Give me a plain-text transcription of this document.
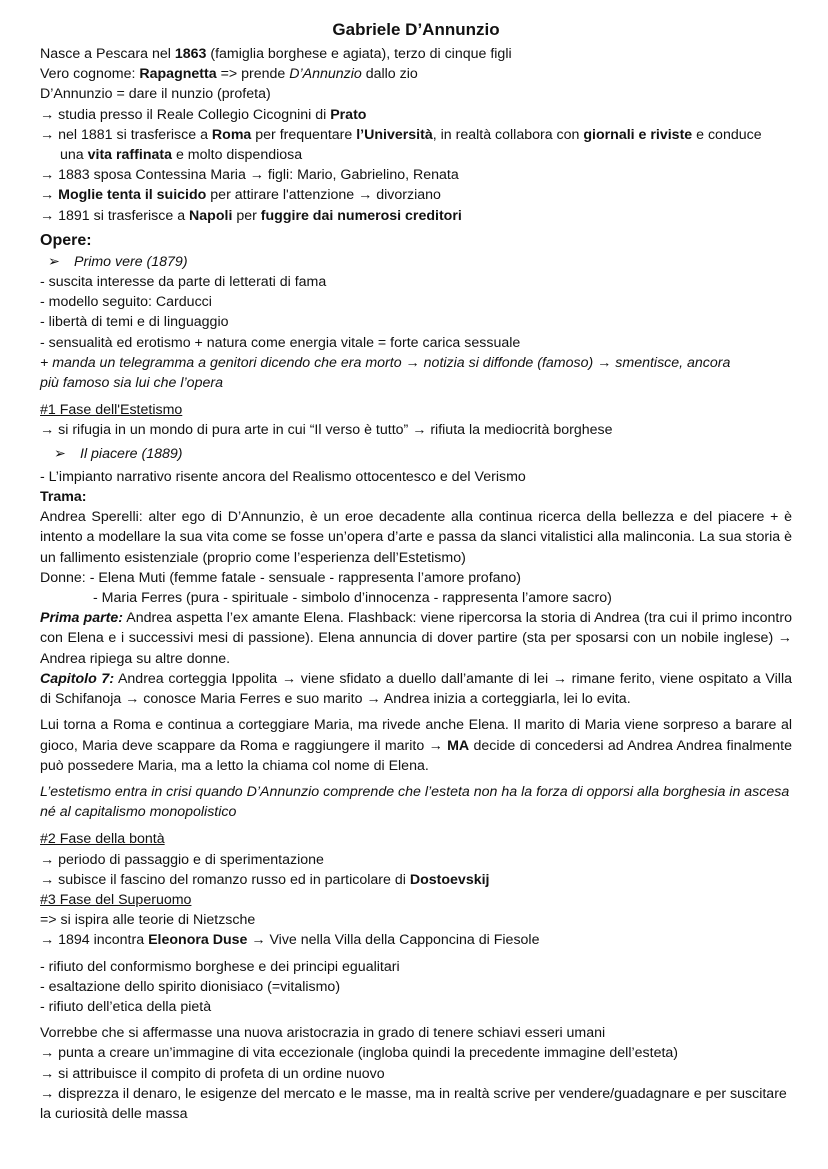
Gabriele D’Annunzio
Nasce a Pescara nel 1863 (famiglia borghese e agiata), terzo di cinque figli
Vero cognome: Rapagnetta => prende D’Annunzio dallo zio
D’Annunzio = dare il nunzio (profeta)
→ studia presso il Reale Collegio Cicognini di Prato
→ nel 1881 si trasferisce a Roma per frequentare l’Università, in realtà collabora con giornali e riviste e conduce
una vita raffinata e molto dispendiosa
→ 1883 sposa Contessina Maria → figli: Mario, Gabrielino, Renata
→ Moglie tenta il suicido per attirare l'attenzione → divorziano
→ 1891 si trasferisce a Napoli per fuggire dai numerosi creditori
Opere:
➢ Primo vere (1879)
- suscita interesse da parte di letterati di fama
- modello seguito: Carducci
- libertà di temi e di linguaggio
- sensualità ed erotismo + natura come energia vitale = forte carica sessuale
+ manda un telegramma a genitori dicendo che era morto → notizia si diffonde (famoso) → smentisce, ancora
più famoso sia lui che l’opera
#1 Fase dell'Estetismo
→ si rifugia in un mondo di pura arte in cui “Il verso è tutto” → rifiuta la mediocrità borghese
➢ Il piacere (1889)
- L’impianto narrativo risente ancora del Realismo ottocentesco e del Verismo
Trama:
Andrea Sperelli: alter ego di D’Annunzio, è un eroe decadente alla continua ricerca della bellezza e del piacere + è intento a modellare la sua vita come se fosse un’opera d’arte e passa da slanci vitalistici alla malinconia. La sua storia è un fallimento esistenziale (proprio come l’esperienza dell’Estetismo)
Donne: - Elena Muti (femme fatale - sensuale - rappresenta l’amore profano)
- Maria Ferres (pura - spirituale - simbolo d’innocenza - rappresenta l’amore sacro)
Prima parte: Andrea aspetta l’ex amante Elena. Flashback: viene ripercorsa la storia di Andrea (tra cui il primo incontro con Elena e i successivi mesi di passione). Elena annuncia di dover partire (sta per sposarsi con un nobile inglese) → Andrea ripiega su altre donne.
Capitolo 7: Andrea corteggia Ippolita → viene sfidato a duello dall’amante di lei → rimane ferito, viene ospitato a Villa di Schifanoja → conosce Maria Ferres e suo marito → Andrea inizia a corteggiarla, lei lo evita.
Lui torna a Roma e continua a corteggiare Maria, ma rivede anche Elena. Il marito di Maria viene sorpreso a barare al gioco, Maria deve scappare da Roma e raggiungere il marito → MA decide di concedersi ad Andrea Andrea finalmente può possedere Maria, ma a letto la chiama col nome di Elena.
L’estetismo entra in crisi quando D’Annunzio comprende che l’esteta non ha la forza di opporsi alla borghesia in ascesa né al capitalismo monopolistico
#2 Fase della bontà
→ periodo di passaggio e di sperimentazione
→ subisce il fascino del romanzo russo ed in particolare di Dostoevskij
#3 Fase del Superuomo
=> si ispira alle teorie di Nietzsche
→ 1894 incontra Eleonora Duse → Vive nella Villa della Capponcina di Fiesole
- rifiuto del conformismo borghese e dei principi egualitari
- esaltazione dello spirito dionisiaco (=vitalismo)
- rifiuto dell’etica della pietà
Vorrebbe che si affermasse una nuova aristocrazia in grado di tenere schiavi esseri umani
→ punta a creare un’immagine di vita eccezionale (ingloba quindi la precedente immagine dell’esteta)
→ si attribuisce il compito di profeta di un ordine nuovo
→ disprezza il denaro, le esigenze del mercato e le masse, ma in realtà scrive per vendere/guadagnare e per suscitare la curiosità delle massa
